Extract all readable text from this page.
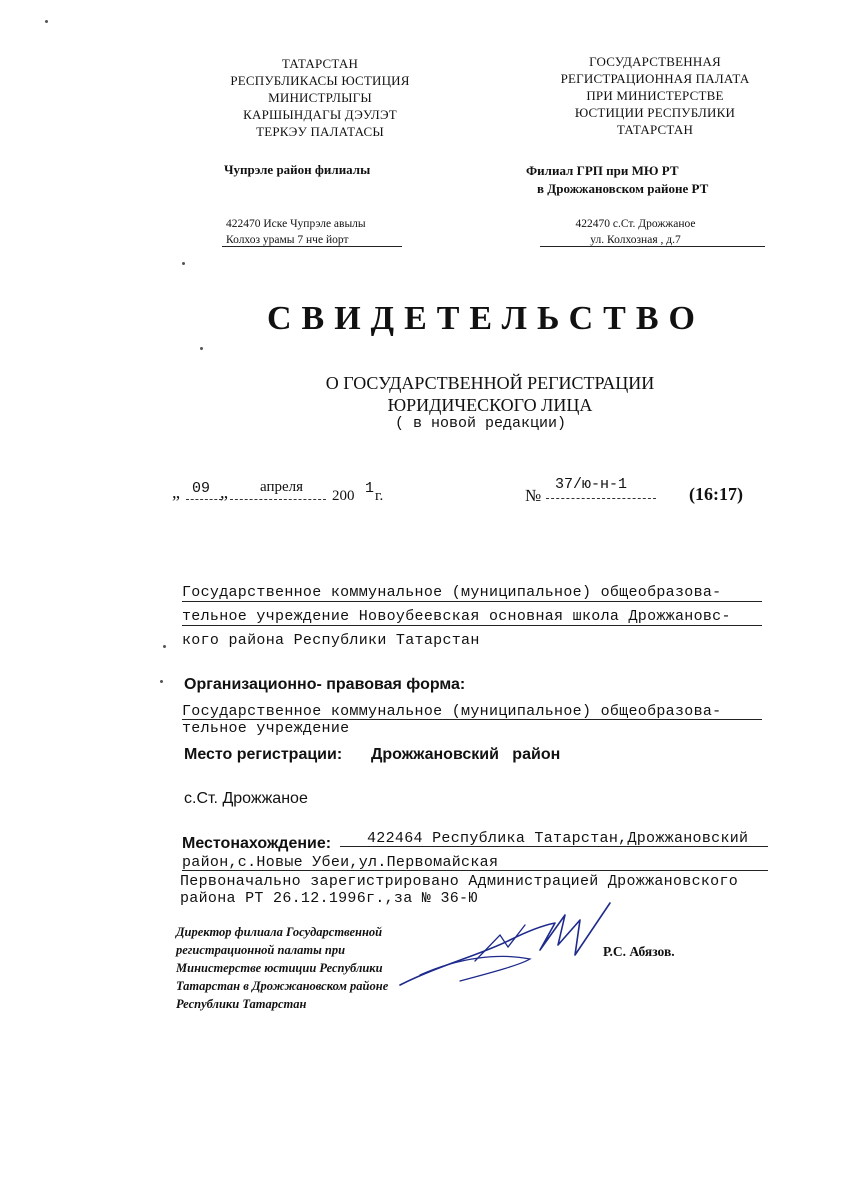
ТАТАРСТАН
РЕСПУБЛИКАСЫ ЮСТИЦИЯ
МИНИСТРЛЫГЫ
КАРШЫНДАГЫ ДЭУЛЭТ
ТЕРКЭУ ПАЛАТАСЫ
Чупрэле район филиалы
422470 Иске Чупрэле авылы
Колхоз урамы 7 нче йорт
ГОСУДАРСТВЕННАЯ
РЕГИСТРАЦИОННАЯ ПАЛАТА
ПРИ МИНИСТЕРСТВЕ
ЮСТИЦИИ РЕСПУБЛИКИ
ТАТАРСТАН
Филиал ГРП при МЮ РТ
в Дрожжановском районе РТ
422470 с.Ст. Дрожжаное
ул. Колхозная , д.7
СВИДЕТЕЛЬСТВО
О ГОСУДАРСТВЕННОЙ РЕГИСТРАЦИИ
ЮРИДИЧЕСКОГО ЛИЦА
( в новой редакции)
„ 09 „ апреля
200 1 г.	№
37/ю-н-1	(16:17)
Государственное коммунальное (муниципальное) общеобразова-
тельное учреждение Новоубеевская основная школа Дрожжановс-
кого района Республики Татарстан
Организационно- правовая форма:
Государственное коммунальное (муниципальное) общеобразова-
тельное учреждение
Место регистрации: Дрожжановский   район
с.Ст. Дрожжаное
Местонахождение: 422464 Республика Татарстан,Дрожжановский
район,с.Новые Убеи,ул.Первомайская
Первоначально зарегистрировано Администрацией Дрожжановского
района РТ 26.12.1996г.,за № 36-Ю
Директор филиала Государственной
регистрационной палаты при
Министерстве юстиции Республики
Татарстан в Дрожжановском районе
Республики Татарстан
Р.С. Абязов.
